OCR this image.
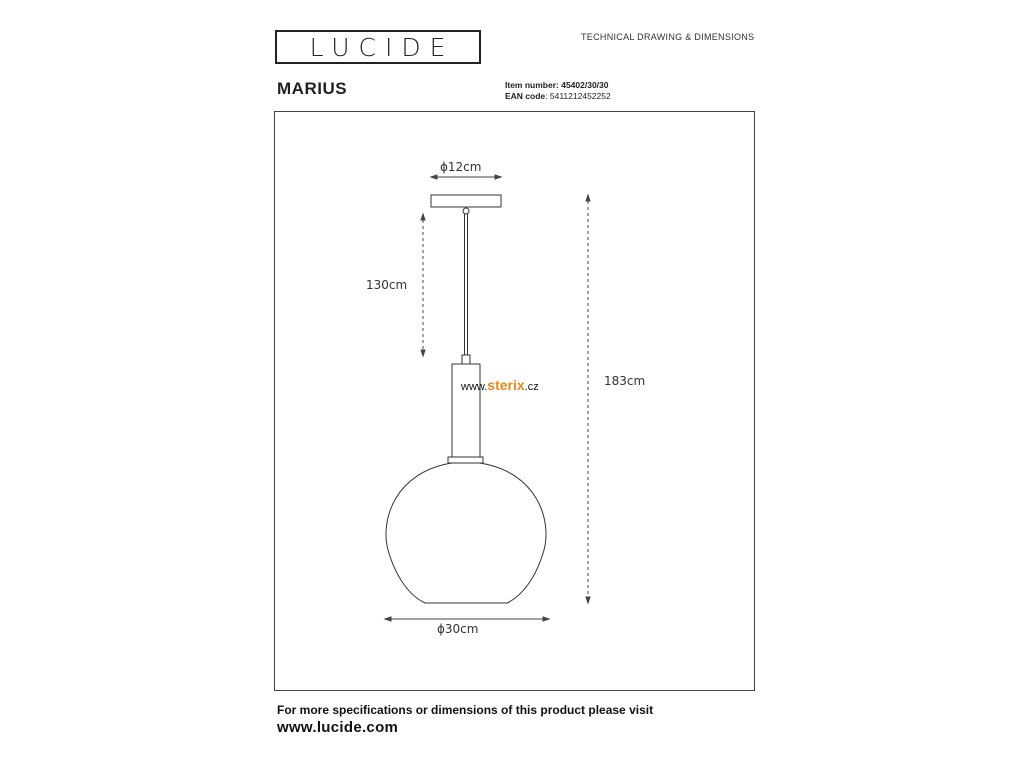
LUCIDE	TECHNICAL DRAWING & DIMENSIONS
MARIUS	Item number: 45402/30/30
EAN code: 5411212452252
ϕ12cm
130cm
183cm
ϕ30cm
www.sterix.cz
For more specifications or dimensions of this product please visit
www.lucide.com
